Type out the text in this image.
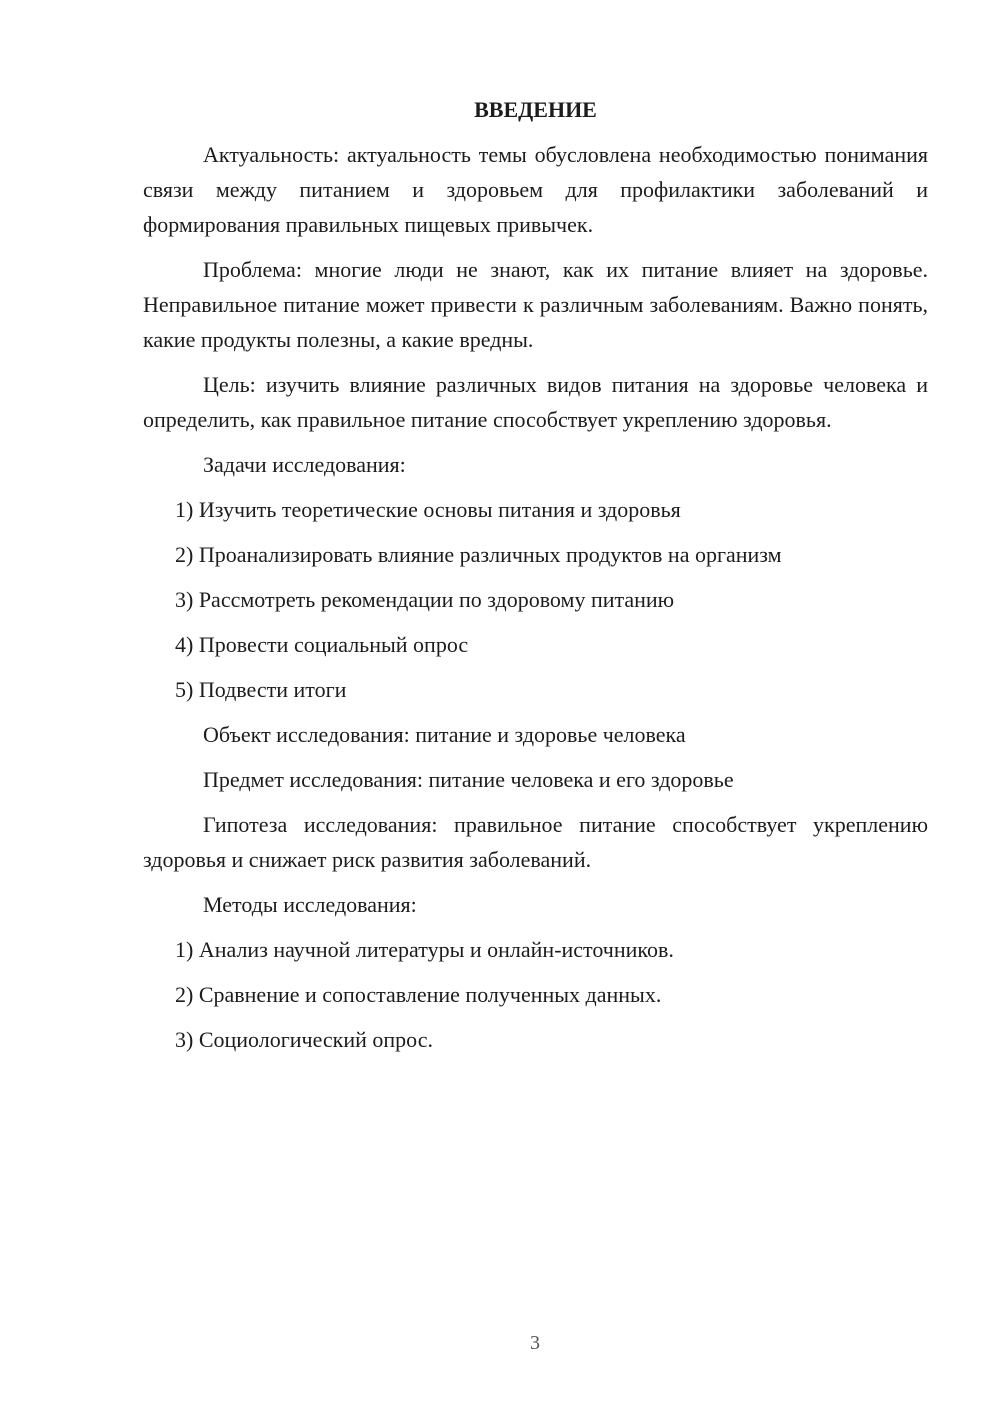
ВВЕДЕНИЕ

Актуальность: актуальность темы обусловлена необходимостью понимания связи между питанием и здоровьем для профилактики заболеваний и формирования правильных пищевых привычек.

Проблема: многие люди не знают, как их питание влияет на здоровье. Неправильное питание может привести к различным заболеваниям. Важно понять, какие продукты полезны, а какие вредны.

Цель: изучить влияние различных видов питания на здоровье человека и определить, как правильное питание способствует укреплению здоровья.

Задачи исследования:
1) Изучить теоретические основы питания и здоровья
2) Проанализировать влияние различных продуктов на организм
3) Рассмотреть рекомендации по здоровому питанию
4) Провести социальный опрос
5) Подвести итоги
Объект исследования: питание и здоровье человека
Предмет исследования: питание человека и его здоровье

Гипотеза исследования: правильное питание способствует укреплению здоровья и снижает риск развития заболеваний.

Методы исследования:
1) Анализ научной литературы и онлайн-источников.
2) Сравнение и сопоставление полученных данных.
3) Социологический опрос.
3
